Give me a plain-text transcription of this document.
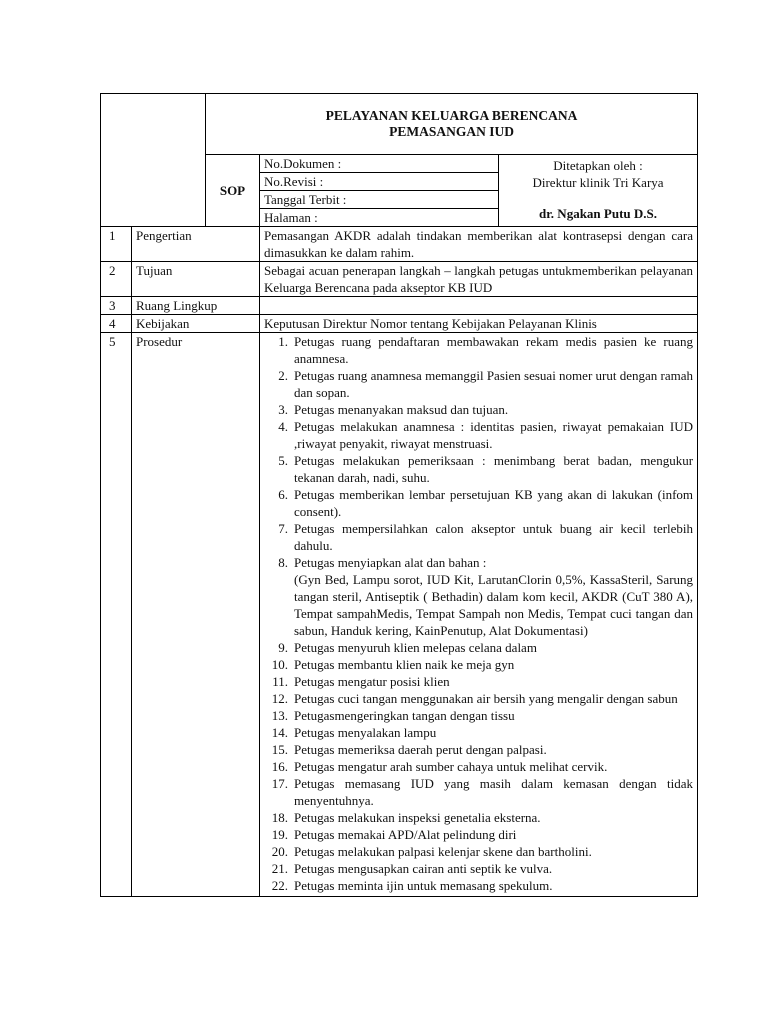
PELAYANAN KELUARGA BERENCANA
PEMASANGAN IUD

SOP	
No.Dokumen :
No.Revisi :
Tanggal Terbit :
Halaman :

Ditetapkan oleh :
Direktur klinik Tri Karya
dr. Ngakan Putu D.S.

1	Pengertian	Pemasangan AKDR adalah tindakan memberikan alat kontrasepsi dengan cara dimasukkan ke dalam rahim.
2	Tujuan	Sebagai acuan penerapan langkah – langkah petugas untukmemberikan pelayanan Keluarga Berencana pada akseptor KB IUD
3	Ruang Lingkup	
4	Kebijakan	Keputusan Direktur Nomor tentang Kebijakan Pelayanan Klinis
5	Prosedur	1. Petugas ruang pendaftaran membawakan rekam medis pasien ke ruang anamnesa.
2. Petugas ruang anamnesa memanggil Pasien sesuai nomer urut dengan ramah dan sopan.
3. Petugas menanyakan maksud dan tujuan.
4. Petugas melakukan anamnesa : identitas pasien, riwayat pemakaian IUD ,riwayat penyakit, riwayat menstruasi.
5. Petugas melakukan pemeriksaan : menimbang berat badan, mengukur tekanan darah, nadi, suhu.
6. Petugas memberikan lembar persetujuan KB yang akan di lakukan (infom consent).
7. Petugas mempersilahkan calon akseptor untuk buang air kecil terlebih dahulu.
8. Petugas menyiapkan alat dan bahan :
(Gyn Bed, Lampu sorot, IUD Kit, LarutanClorin 0,5%, KassaSteril, Sarung tangan steril, Antiseptik ( Bethadin) dalam kom kecil, AKDR (CuT 380 A), Tempat sampahMedis, Tempat Sampah non Medis, Tempat cuci tangan dan sabun, Handuk kering, KainPenutup, Alat Dokumentasi)
9. Petugas menyuruh klien melepas celana dalam
10. Petugas membantu klien naik ke meja gyn
11. Petugas mengatur posisi klien
12. Petugas cuci tangan menggunakan air bersih yang mengalir dengan sabun
13. Petugasmengeringkan tangan dengan tissu
14. Petugas menyalakan lampu
15. Petugas memeriksa daerah perut dengan palpasi.
16. Petugas mengatur arah sumber cahaya untuk melihat cervik.
17. Petugas memasang IUD yang masih dalam kemasan dengan tidak menyentuhnya.
18. Petugas melakukan inspeksi genetalia eksterna.
19. Petugas memakai APD/Alat pelindung diri
20. Petugas melakukan palpasi kelenjar skene dan bartholini.
21. Petugas mengusapkan cairan anti septik ke vulva.
22. Petugas meminta ijin untuk memasang spekulum.
